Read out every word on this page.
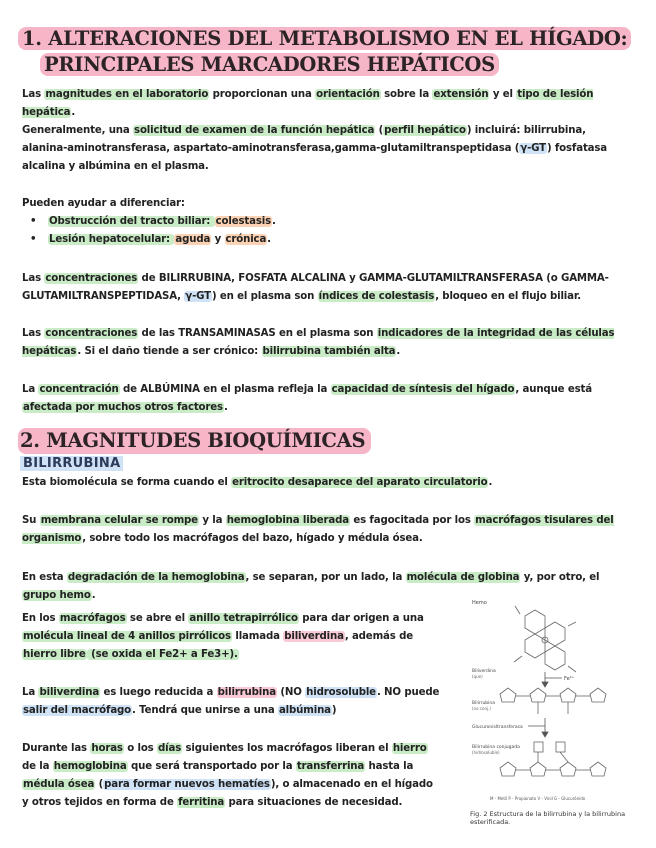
1. ALTERACIONES DEL METABOLISMO EN EL HÍGADO:
PRINCIPALES MARCADORES HEPÁTICOS
Las magnitudes en el laboratorio proporcionan una orientación sobre la extensión y el tipo de lesión hepática.
Generalmente, una solicitud de examen de la función hepática (perfil hepático) incluirá: bilirrubina, alanina-aminotransferasa, aspartato-aminotransferasa,gamma-glutamiltranspeptidasa (γ-GT) fosfatasa alcalina y albúmina en el plasma.
Pueden ayudar a diferenciar:
• Obstrucción del tracto biliar: colestasis.
• Lesión hepatocelular: aguda y crónica.
Las concentraciones de BILIRRUBINA, FOSFATA ALCALINA y GAMMA-GLUTAMILTRANSFERASA (o GAMMA-GLUTAMILTRANSPEPTIDASA, γ-GT) en el plasma son índices de colestasis, bloqueo en el flujo biliar.
Las concentraciones de las TRANSAMINASAS en el plasma son indicadores de la integridad de las células hepáticas. Si el daño tiende a ser crónico: bilirrubina también alta.
La concentración de ALBÚMINA en el plasma refleja la capacidad de síntesis del hígado, aunque está afectada por muchos otros factores.
2. MAGNITUDES BIOQUÍMICAS
BILIRRUBINA
Esta biomolécula se forma cuando el eritrocito desaparece del aparato circulatorio.
Su membrana celular se rompe y la hemoglobina liberada es fagocitada por los macrófagos tisulares del organismo, sobre todo los macrófagos del bazo, hígado y médula ósea.
En esta degradación de la hemoglobina, se separan, por un lado, la molécula de globina y, por otro, el grupo hemo.
En los macrófagos se abre el anillo tetrapirrólico para dar origen a una molécula lineal de 4 anillos pirrólicos llamada biliverdina, además de hierro libre (se oxida el Fe2+ a Fe3+).
La biliverdina es luego reducida a bilirrubina (NO hidrosoluble. NO puede salir del macrófago. Tendrá que unirse a una albúmina)
Durante las horas o los días siguientes los macrófagos liberan el hierro de la hemoglobina que será transportado por la transferrina hasta la médula ósea (para formar nuevos hematíes), o almacenado en el hígado y otros tejidos en forma de ferritina para situaciones de necesidad.
Hemo
Fe²⁺
Biliverdina
(que)
Bilirrubina
(no conj.)
Glucuronisltransferasa
Bilirrubina conjugada
(hidrosoluble)
M - Metil P - Propionato V - Vinil G - Glucurónido
Fig. 2 Estructura de la bilirrubina y la bilirrubina esterificada.
